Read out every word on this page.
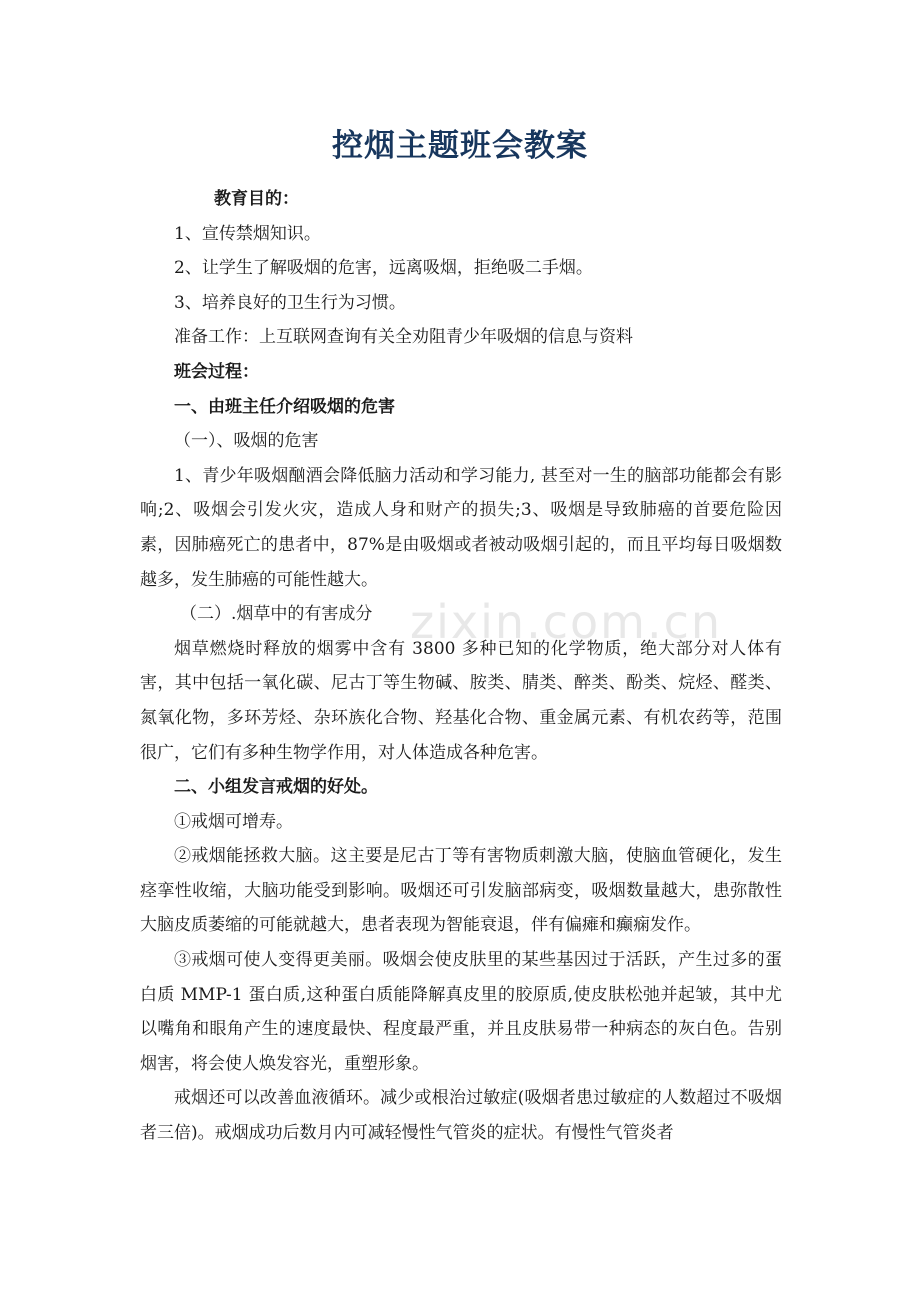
zixin.com.cn
控烟主题班会教案

教育目的：

1、宣传禁烟知识。

2、让学生了解吸烟的危害，远离吸烟，拒绝吸二手烟。

3、培养良好的卫生行为习惯。

准备工作：上互联网查询有关全劝阻青少年吸烟的信息与资料

班会过程：

一、由班主任介绍吸烟的危害

（一）、吸烟的危害

1、青少年吸烟酗酒会降低脑力活动和学习能力, 甚至对一生的脑部功能都会有影响;2、吸烟会引发火灾，造成人身和财产的损失;3、吸烟是导致肺癌的首要危险因素，因肺癌死亡的患者中，87%是由吸烟或者被动吸烟引起的，而且平均每日吸烟数越多，发生肺癌的可能性越大。

（二）.烟草中的有害成分

烟草燃烧时释放的烟雾中含有 3800 多种已知的化学物质，绝大部分对人体有害，其中包括一氧化碳、尼古丁等生物碱、胺类、腈类、醉类、酚类、烷烃、醛类、氮氧化物，多环芳烃、杂环族化合物、羟基化合物、重金属元素、有机农药等，范围很广，它们有多种生物学作用，对人体造成各种危害。

二、小组发言戒烟的好处。

①戒烟可增寿。

②戒烟能拯救大脑。这主要是尼古丁等有害物质刺激大脑，使脑血管硬化，发生痉挛性收缩，大脑功能受到影响。吸烟还可引发脑部病变，吸烟数量越大，患弥散性大脑皮质萎缩的可能就越大，患者表现为智能衰退，伴有偏瘫和癫痫发作。

③戒烟可使人变得更美丽。吸烟会使皮肤里的某些基因过于活跃，产生过多的蛋白质 MMP-1 蛋白质,这种蛋白质能降解真皮里的胶原质,使皮肤松弛并起皱，其中尤以嘴角和眼角产生的速度最快、程度最严重，并且皮肤易带一种病态的灰白色。告别烟害，将会使人焕发容光，重塑形象。

戒烟还可以改善血液循环。减少或根治过敏症(吸烟者患过敏症的人数超过不吸烟者三倍)。戒烟成功后数月内可减轻慢性气管炎的症状。有慢性气管炎者
